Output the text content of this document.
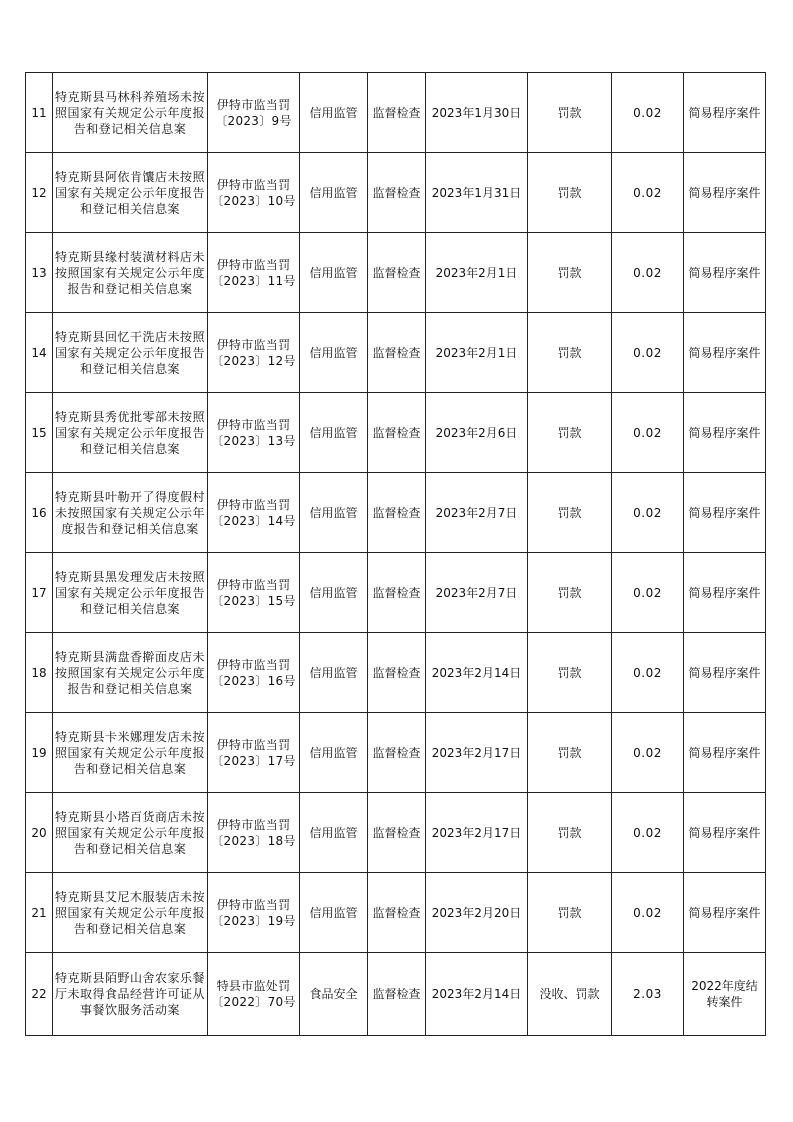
11	特克斯县马林科养殖场未按照国家有关规定公示年度报告和登记相关信息案	伊特市监当罚〔2023〕9号	信用监管	监督检查	2023年1月30日	罚款	0.02	简易程序案件
12	特克斯县阿依肯馕店未按照国家有关规定公示年度报告和登记相关信息案	伊特市监当罚〔2023〕10号	信用监管	监督检查	2023年1月31日	罚款	0.02	简易程序案件
13	特克斯县缘村装潢材料店未按照国家有关规定公示年度报告和登记相关信息案	伊特市监当罚〔2023〕11号	信用监管	监督检查	2023年2月1日	罚款	0.02	简易程序案件
14	特克斯县回忆干洗店未按照国家有关规定公示年度报告和登记相关信息案	伊特市监当罚〔2023〕12号	信用监管	监督检查	2023年2月1日	罚款	0.02	简易程序案件
15	特克斯县秀优批零部未按照国家有关规定公示年度报告和登记相关信息案	伊特市监当罚〔2023〕13号	信用监管	监督检查	2023年2月6日	罚款	0.02	简易程序案件
16	特克斯县叶勒开了得度假村未按照国家有关规定公示年度报告和登记相关信息案	伊特市监当罚〔2023〕14号	信用监管	监督检查	2023年2月7日	罚款	0.02	简易程序案件
17	特克斯县黑发理发店未按照国家有关规定公示年度报告和登记相关信息案	伊特市监当罚〔2023〕15号	信用监管	监督检查	2023年2月7日	罚款	0.02	简易程序案件
18	特克斯县满盘香擀面皮店未按照国家有关规定公示年度报告和登记相关信息案	伊特市监当罚〔2023〕16号	信用监管	监督检查	2023年2月14日	罚款	0.02	简易程序案件
19	特克斯县卡米娜理发店未按照国家有关规定公示年度报告和登记相关信息案	伊特市监当罚〔2023〕17号	信用监管	监督检查	2023年2月17日	罚款	0.02	简易程序案件
20	特克斯县小塔百货商店未按照国家有关规定公示年度报告和登记相关信息案	伊特市监当罚〔2023〕18号	信用监管	监督检查	2023年2月17日	罚款	0.02	简易程序案件
21	特克斯县艾尼木服装店未按照国家有关规定公示年度报告和登记相关信息案	伊特市监当罚〔2023〕19号	信用监管	监督检查	2023年2月20日	罚款	0.02	简易程序案件
22	特克斯县陌野山舍农家乐餐厅未取得食品经营许可证从事餐饮服务活动案	特县市监处罚〔2022〕70号	食品安全	监督检查	2023年2月14日	没收、罚款	2.03	2022年度结转案件
